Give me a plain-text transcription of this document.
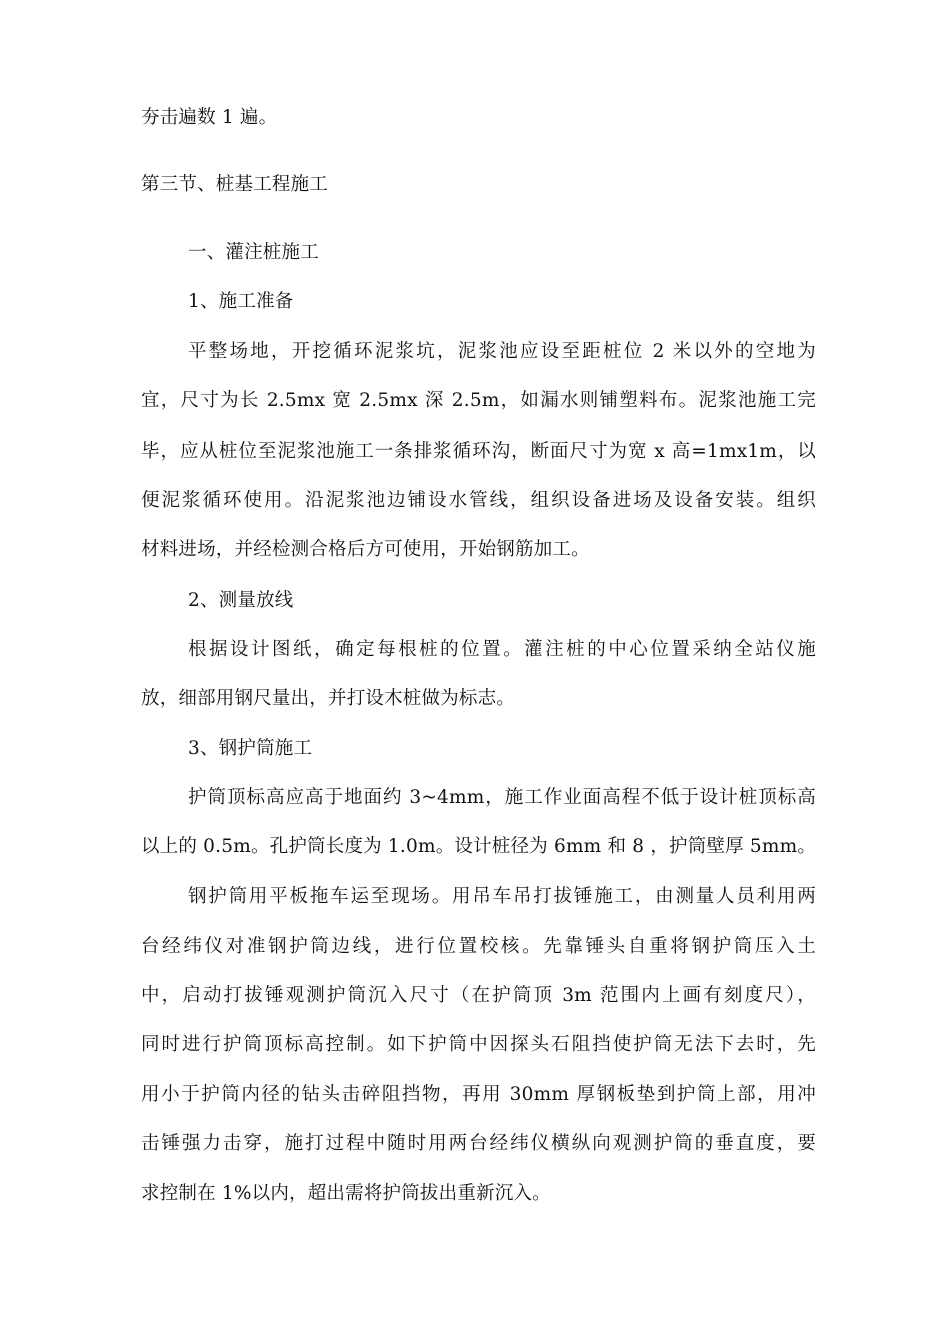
夯击遍数 1 遍。
第三节、桩基工程施工
一、灌注桩施工
1、施工准备
平整场地，开挖循环泥浆坑，泥浆池应设至距桩位 2 米以外的空地为
宜，尺寸为长 2.5mx 宽 2.5mx 深 2.5m，如漏水则铺塑料布。泥浆池施工完
毕，应从桩位至泥浆池施工一条排浆循环沟，断面尺寸为宽 x 高=1mx1m，以
便泥浆循环使用。沿泥浆池边铺设水管线，组织设备进场及设备安装。组织
材料进场，并经检测合格后方可使用，开始钢筋加工。
2、测量放线
根据设计图纸，确定每根桩的位置。灌注桩的中心位置采纳全站仪施
放，细部用钢尺量出，并打设木桩做为标志。
3、钢护筒施工
护筒顶标高应高于地面约 3~4mm，施工作业面高程不低于设计桩顶标高
以上的 0.5m。孔护筒长度为 1.0m。设计桩径为 6mm 和 8 ，护筒壁厚 5mm。
钢护筒用平板拖车运至现场。用吊车吊打拔锤施工，由测量人员利用两
台经纬仪对准钢护筒边线，进行位置校核。先靠锤头自重将钢护筒压入土
中，启动打拔锤观测护筒沉入尺寸（在护筒顶 3m 范围内上画有刻度尺），
同时进行护筒顶标高控制。如下护筒中因探头石阻挡使护筒无法下去时，先
用小于护筒内径的钻头击碎阻挡物，再用 30mm 厚钢板垫到护筒上部，用冲
击锤强力击穿，施打过程中随时用两台经纬仪横纵向观测护筒的垂直度，要
求控制在 1%以内，超出需将护筒拔出重新沉入。
